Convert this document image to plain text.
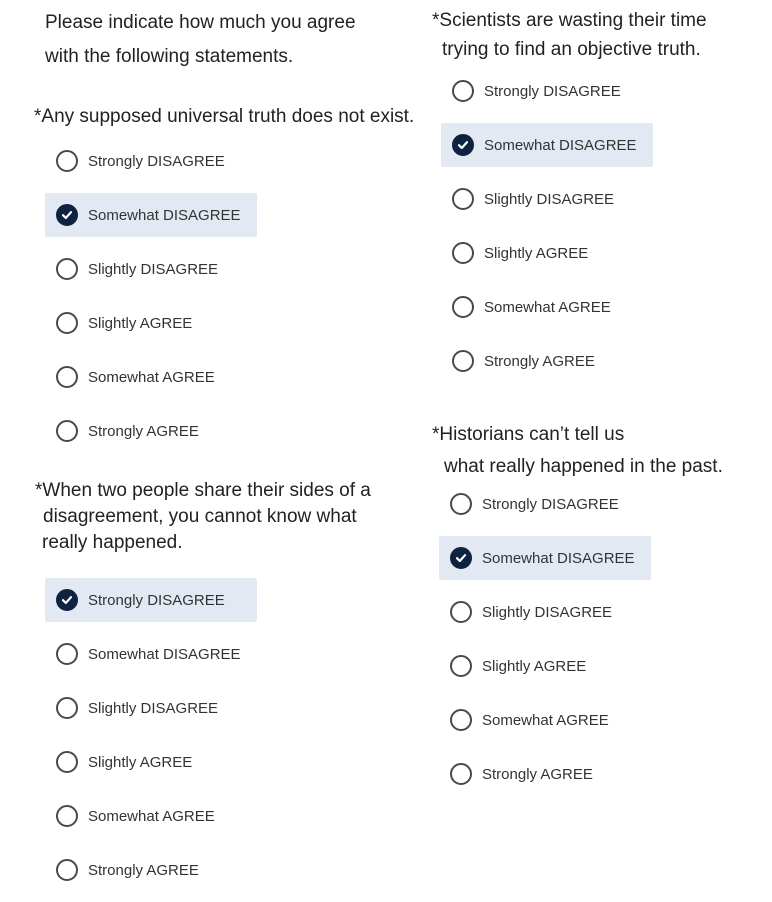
Please indicate how much you agree
with the following statements.
*Any supposed universal truth does not exist.
Strongly DISAGREE
Somewhat DISAGREE
Slightly DISAGREE
Slightly AGREE
Somewhat AGREE
Strongly AGREE
*When two people share their sides of a
disagreement, you cannot know what
really happened.
Strongly DISAGREE
Somewhat DISAGREE
Slightly DISAGREE
Slightly AGREE
Somewhat AGREE
Strongly AGREE
*Scientists are wasting their time
trying to find an objective truth.
Strongly DISAGREE
Somewhat DISAGREE
Slightly DISAGREE
Slightly AGREE
Somewhat AGREE
Strongly AGREE
*Historians can’t tell us
what really happened in the past.
Strongly DISAGREE
Somewhat DISAGREE
Slightly DISAGREE
Slightly AGREE
Somewhat AGREE
Strongly AGREE
